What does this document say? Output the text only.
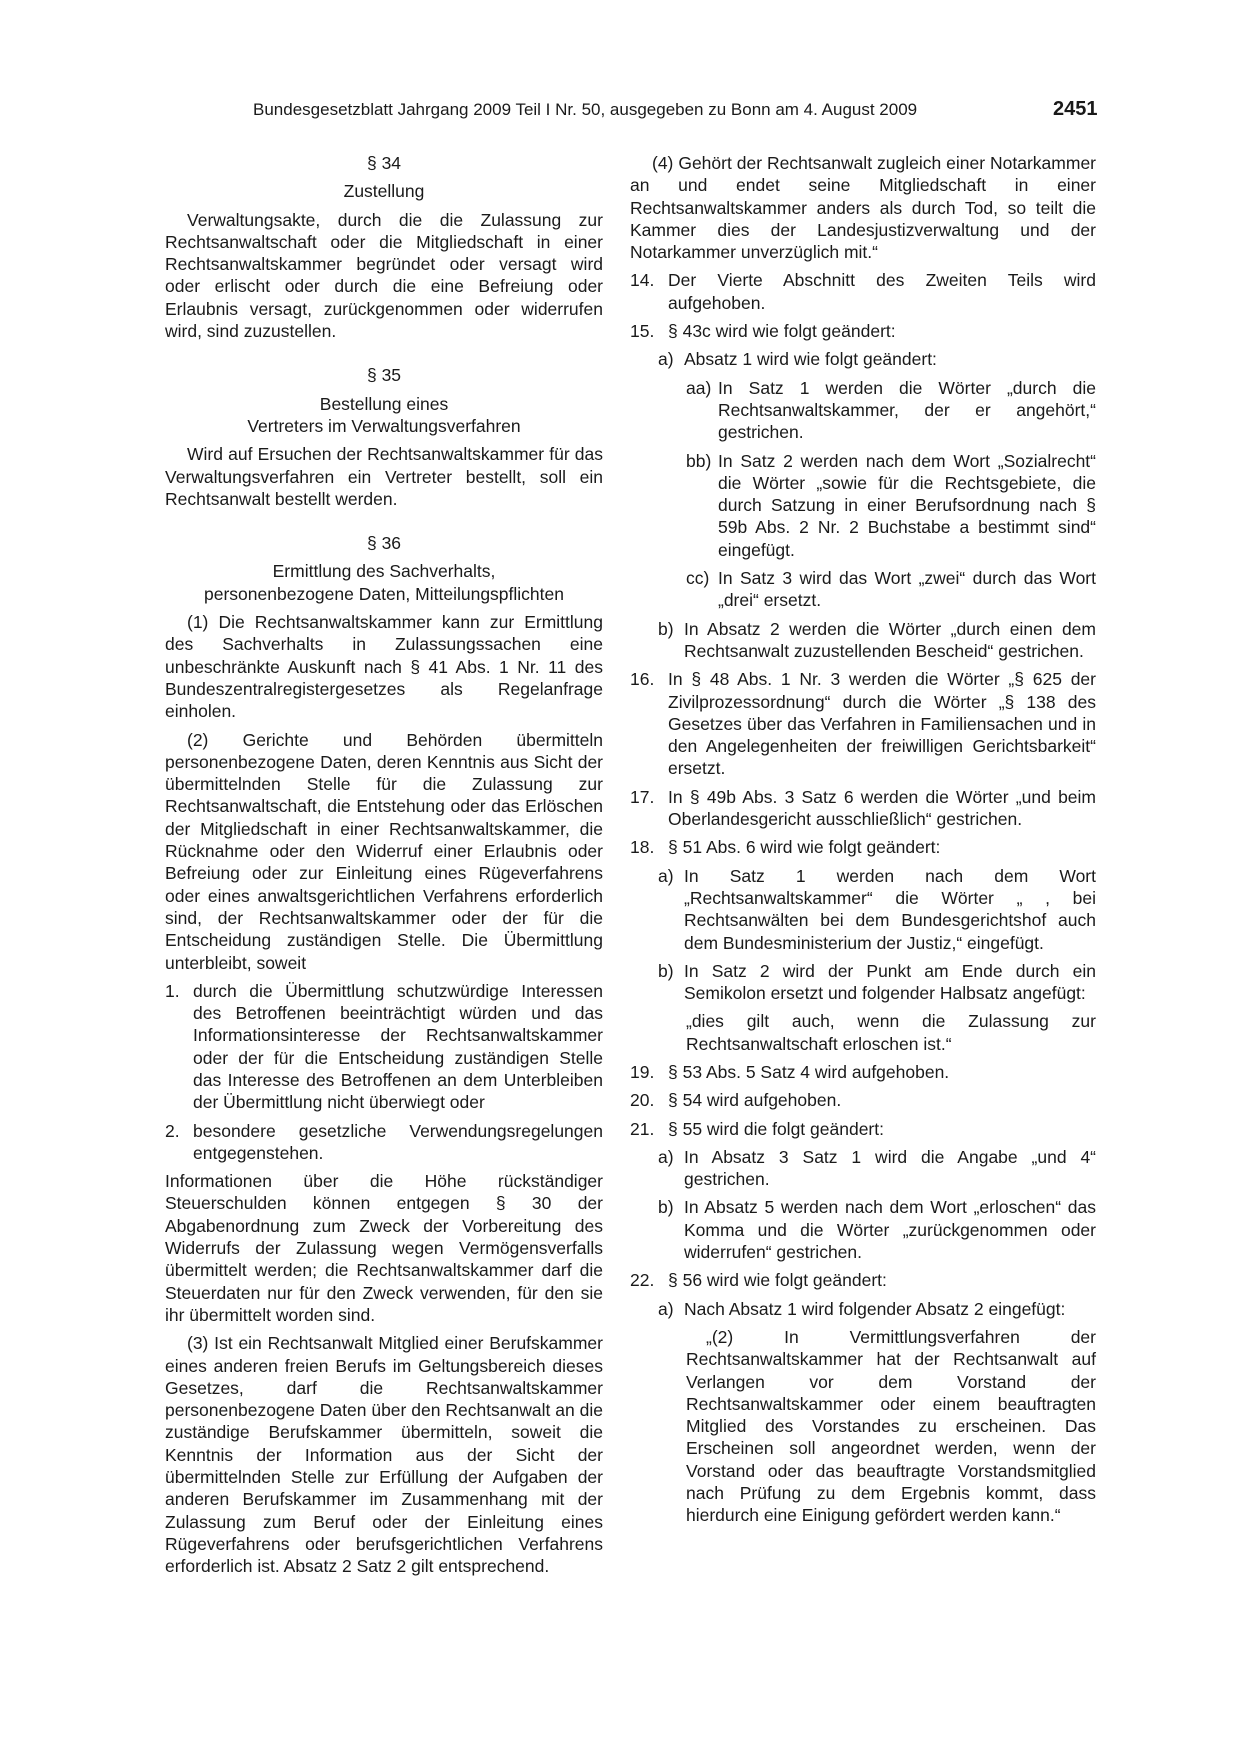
Bundesgesetzblatt Jahrgang 2009 Teil I Nr. 50, ausgegeben zu Bonn am 4. August 2009	2451
§ 34
Zustellung

Verwaltungsakte, durch die die Zulassung zur Rechtsanwaltschaft oder die Mitgliedschaft in einer Rechtsanwaltskammer begründet oder versagt wird oder erlischt oder durch die eine Befreiung oder Erlaubnis versagt, zurückgenommen oder widerrufen wird, sind zuzustellen.

§ 35
Bestellung eines
Vertreters im Verwaltungsverfahren

Wird auf Ersuchen der Rechtsanwaltskammer für das Verwaltungsverfahren ein Vertreter bestellt, soll ein Rechtsanwalt bestellt werden.

§ 36
Ermittlung des Sachverhalts,
personenbezogene Daten, Mitteilungspflichten

(1) Die Rechtsanwaltskammer kann zur Ermittlung des Sachverhalts in Zulassungssachen eine unbeschränkte Auskunft nach § 41 Abs. 1 Nr. 11 des Bundeszentralregistergesetzes als Regelanfrage einholen.

(2) Gerichte und Behörden übermitteln personenbezogene Daten, deren Kenntnis aus Sicht der übermittelnden Stelle für die Zulassung zur Rechtsanwaltschaft, die Entstehung oder das Erlöschen der Mitgliedschaft in einer Rechtsanwaltskammer, die Rücknahme oder den Widerruf einer Erlaubnis oder Befreiung oder zur Einleitung eines Rügeverfahrens oder eines anwaltsgerichtlichen Verfahrens erforderlich sind, der Rechtsanwaltskammer oder der für die Entscheidung zuständigen Stelle. Die Übermittlung unterbleibt, soweit

1. durch die Übermittlung schutzwürdige Interessen des Betroffenen beeinträchtigt würden und das Informationsinteresse der Rechtsanwaltskammer oder der für die Entscheidung zuständigen Stelle das Interesse des Betroffenen an dem Unterbleiben der Übermittlung nicht überwiegt oder
2. besondere gesetzliche Verwendungsregelungen entgegenstehen.

Informationen über die Höhe rückständiger Steuerschulden können entgegen § 30 der Abgabenordnung zum Zweck der Vorbereitung des Widerrufs der Zulassung wegen Vermögensverfalls übermittelt werden; die Rechtsanwaltskammer darf die Steuerdaten nur für den Zweck verwenden, für den sie ihr übermittelt worden sind.

(3) Ist ein Rechtsanwalt Mitglied einer Berufskammer eines anderen freien Berufs im Geltungsbereich dieses Gesetzes, darf die Rechtsanwaltskammer personenbezogene Daten über den Rechtsanwalt an die zuständige Berufskammer übermitteln, soweit die Kenntnis der Information aus der Sicht der übermittelnden Stelle zur Erfüllung der Aufgaben der anderen Berufskammer im Zusammenhang mit der Zulassung zum Beruf oder der Einleitung eines Rügeverfahrens oder berufsgerichtlichen Verfahrens erforderlich ist. Absatz 2 Satz 2 gilt entsprechend.

(4) Gehört der Rechtsanwalt zugleich einer Notarkammer an und endet seine Mitgliedschaft in einer Rechtsanwaltskammer anders als durch Tod, so teilt die Kammer dies der Landesjustizverwaltung und der Notarkammer unverzüglich mit.“

14. Der Vierte Abschnitt des Zweiten Teils wird aufgehoben.
15. § 43c wird wie folgt geändert:
a) Absatz 1 wird wie folgt geändert:
aa) In Satz 1 werden die Wörter „durch die Rechtsanwaltskammer, der er angehört,“ gestrichen.
bb) In Satz 2 werden nach dem Wort „Sozialrecht“ die Wörter „sowie für die Rechtsgebiete, die durch Satzung in einer Berufsordnung nach § 59b Abs. 2 Nr. 2 Buchstabe a bestimmt sind“ eingefügt.
cc) In Satz 3 wird das Wort „zwei“ durch das Wort „drei“ ersetzt.
b) In Absatz 2 werden die Wörter „durch einen dem Rechtsanwalt zuzustellenden Bescheid“ gestrichen.
16. In § 48 Abs. 1 Nr. 3 werden die Wörter „§ 625 der Zivilprozessordnung“ durch die Wörter „§ 138 des Gesetzes über das Verfahren in Familiensachen und in den Angelegenheiten der freiwilligen Gerichtsbarkeit“ ersetzt.
17. In § 49b Abs. 3 Satz 6 werden die Wörter „und beim Oberlandesgericht ausschließlich“ gestrichen.
18. § 51 Abs. 6 wird wie folgt geändert:
a) In Satz 1 werden nach dem Wort „Rechtsanwaltskammer“ die Wörter „ , bei Rechtsanwälten bei dem Bundesgerichtshof auch dem Bundesministerium der Justiz,“ eingefügt.
b) In Satz 2 wird der Punkt am Ende durch ein Semikolon ersetzt und folgender Halbsatz angefügt:

„dies gilt auch, wenn die Zulassung zur Rechtsanwaltschaft erloschen ist.“

19. § 53 Abs. 5 Satz 4 wird aufgehoben.
20. § 54 wird aufgehoben.
21. § 55 wird die folgt geändert:
a) In Absatz 3 Satz 1 wird die Angabe „und 4“ gestrichen.
b) In Absatz 5 werden nach dem Wort „erloschen“ das Komma und die Wörter „zurückgenommen oder widerrufen“ gestrichen.
22. § 56 wird wie folgt geändert:
a) Nach Absatz 1 wird folgender Absatz 2 eingefügt:

„(2) In Vermittlungsverfahren der Rechtsanwaltskammer hat der Rechtsanwalt auf Verlangen vor dem Vorstand der Rechtsanwaltskammer oder einem beauftragten Mitglied des Vorstandes zu erscheinen. Das Erscheinen soll angeordnet werden, wenn der Vorstand oder das beauftragte Vorstandsmitglied nach Prüfung zu dem Ergebnis kommt, dass hierdurch eine Einigung gefördert werden kann.“
